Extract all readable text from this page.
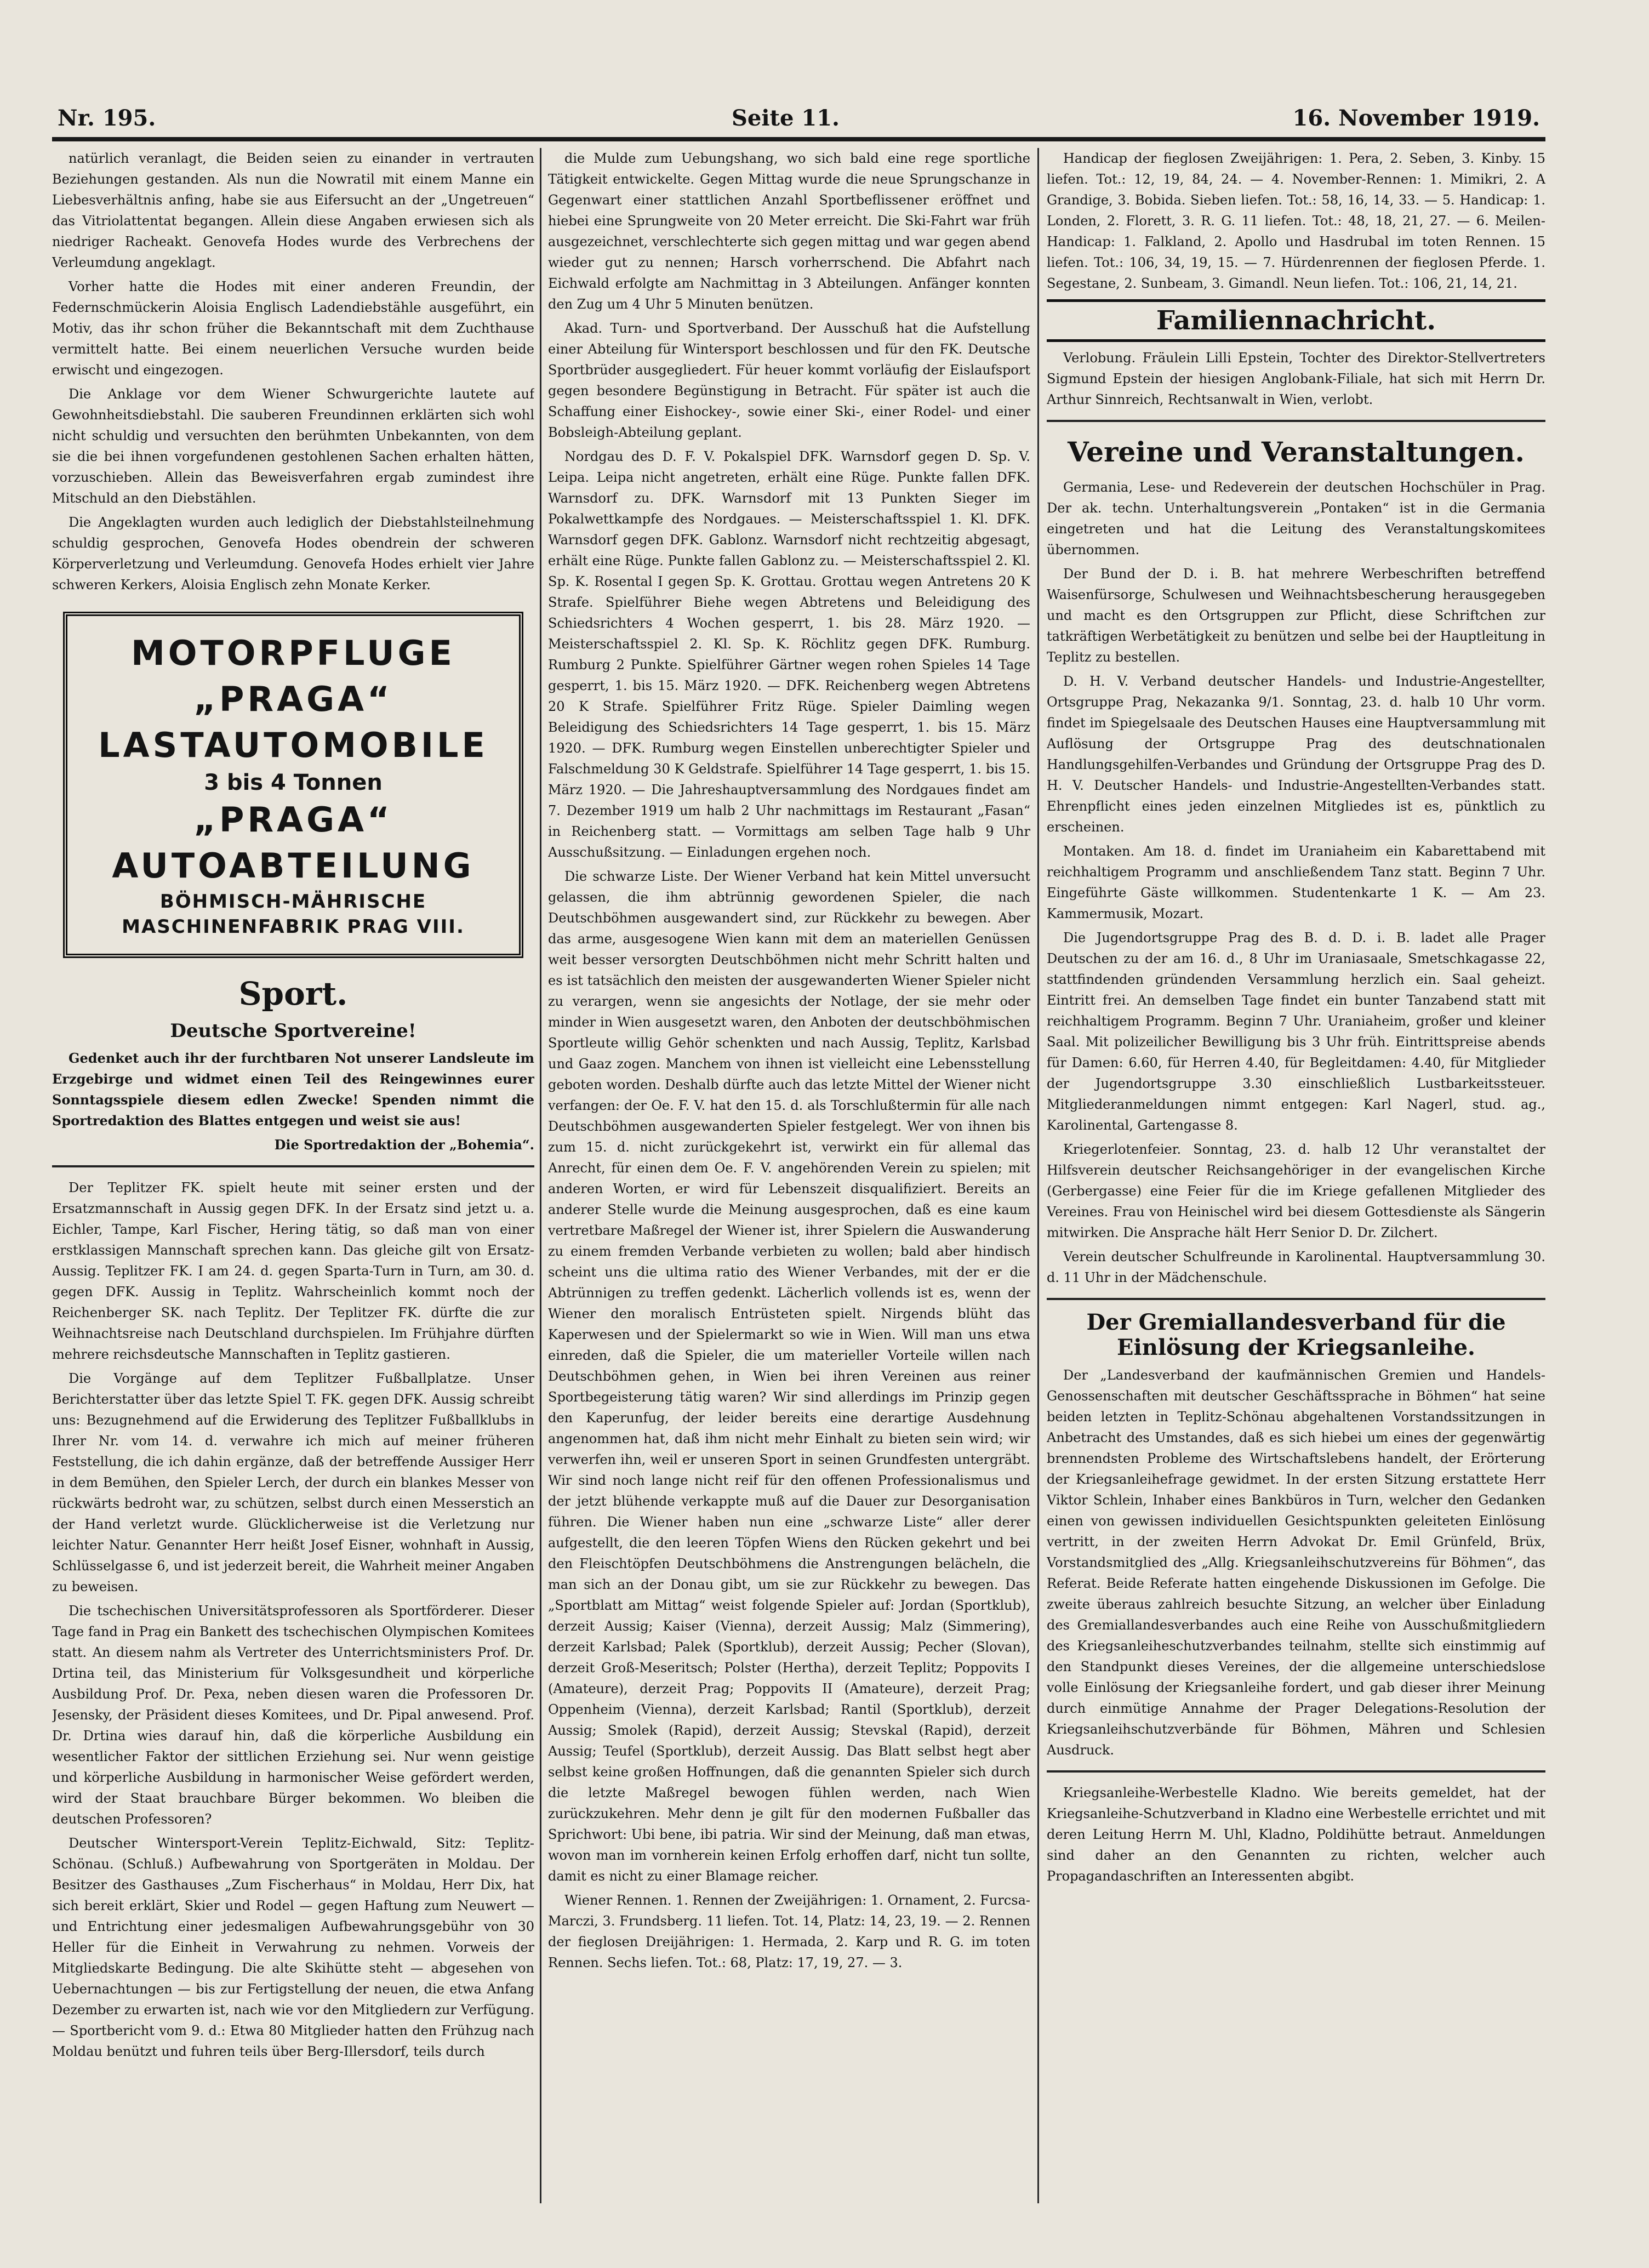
Nr. 195.	Seite 11.	16. November 1919.

natürlich veranlagt, die Beiden seien zu einander in vertrauten Beziehungen gestanden. Als nun die Nowratil mit einem Manne ein Liebesverhältnis anfing, habe sie aus Eifersucht an der „Ungetreuen“ das Vitriolattentat begangen. Allein diese Angaben erwiesen sich als niedriger Racheakt. Genovefa Hodes wurde des Verbrechens der Verleumdung angeklagt.

Vorher hatte die Hodes mit einer anderen Freundin, der Federnschmückerin Aloisia Englisch Ladendiebstähle ausgeführt, ein Motiv, das ihr schon früher die Bekanntschaft mit dem Zuchthause vermittelt hatte. Bei einem neuerlichen Versuche wurden beide erwischt und eingezogen.

Die Anklage vor dem Wiener Schwurgerichte lautete auf Gewohnheitsdiebstahl. Die sauberen Freundinnen erklärten sich wohl nicht schuldig und versuchten den berühmten Unbekannten, von dem sie die bei ihnen vorgefundenen gestohlenen Sachen erhalten hätten, vorzuschieben. Allein das Beweisverfahren ergab zumindest ihre Mitschuld an den Diebstählen.

Die Angeklagten wurden auch lediglich der Diebstahlsteilnehmung schuldig gesprochen, Genovefa Hodes obendrein der schweren Körperverletzung und Verleumdung. Genovefa Hodes erhielt vier Jahre schweren Kerkers, Aloisia Englisch zehn Monate Kerker.

MOTORPFLUGE
„PRAGA“
LASTAUTOMOBILE
3 bis 4 Tonnen
„PRAGA“
AUTOABTEILUNG
BÖHMISCH-MÄHRISCHE
MASCHINENFABRIK PRAG VIII.
Sport.
Deutsche Sportvereine!

Gedenket auch ihr der furchtbaren Not unserer Landsleute im Erzgebirge und widmet einen Teil des Reingewinnes eurer Sonntagsspiele diesem edlen Zwecke! Spenden nimmt die Sportredaktion des Blattes entgegen und weist sie aus!

Die Sportredaktion der „Bohemia“.

Der Teplitzer FK. spielt heute mit seiner ersten und der Ersatzmannschaft in Aussig gegen DFK. In der Ersatz sind jetzt u. a. Eichler, Tampe, Karl Fischer, Hering tätig, so daß man von einer erstklassigen Mannschaft sprechen kann. Das gleiche gilt von Ersatz-Aussig. Teplitzer FK. I am 24. d. gegen Sparta-Turn in Turn, am 30. d. gegen DFK. Aussig in Teplitz. Wahrscheinlich kommt noch der Reichenberger SK. nach Teplitz. Der Teplitzer FK. dürfte die zur Weihnachtsreise nach Deutschland durchspielen. Im Frühjahre dürften mehrere reichsdeutsche Mannschaften in Teplitz gastieren.

Die Vorgänge auf dem Teplitzer Fußballplatze. Unser Berichterstatter über das letzte Spiel T. FK. gegen DFK. Aussig schreibt uns: Bezugnehmend auf die Erwiderung des Teplitzer Fußballklubs in Ihrer Nr. vom 14. d. verwahre ich mich auf meiner früheren Feststellung, die ich dahin ergänze, daß der betreffende Aussiger Herr in dem Bemühen, den Spieler Lerch, der durch ein blankes Messer von rückwärts bedroht war, zu schützen, selbst durch einen Messerstich an der Hand verletzt wurde. Glücklicherweise ist die Verletzung nur leichter Natur. Genannter Herr heißt Josef Eisner, wohnhaft in Aussig, Schlüsselgasse 6, und ist jederzeit bereit, die Wahrheit meiner Angaben zu beweisen.

Die tschechischen Universitätsprofessoren als Sportförderer. Dieser Tage fand in Prag ein Bankett des tschechischen Olympischen Komitees statt. An diesem nahm als Vertreter des Unterrichtsministers Prof. Dr. Drtina teil, das Ministerium für Volksgesundheit und körperliche Ausbildung Prof. Dr. Pexa, neben diesen waren die Professoren Dr. Jesensky, der Präsident dieses Komitees, und Dr. Pipal anwesend. Prof. Dr. Drtina wies darauf hin, daß die körperliche Ausbildung ein wesentlicher Faktor der sittlichen Erziehung sei. Nur wenn geistige und körperliche Ausbildung in harmonischer Weise gefördert werden, wird der Staat brauchbare Bürger bekommen. Wo bleiben die deutschen Professoren?

Deutscher Wintersport-Verein Teplitz-Eichwald, Sitz: Teplitz-Schönau. (Schluß.) Aufbewahrung von Sportgeräten in Moldau. Der Besitzer des Gasthauses „Zum Fischerhaus“ in Moldau, Herr Dix, hat sich bereit erklärt, Skier und Rodel — gegen Haftung zum Neuwert — und Entrichtung einer jedesmaligen Aufbewahrungsgebühr von 30 Heller für die Einheit in Verwahrung zu nehmen. Vorweis der Mitgliedskarte Bedingung. Die alte Skihütte steht — abgesehen von Uebernachtungen — bis zur Fertigstellung der neuen, die etwa Anfang Dezember zu erwarten ist, nach wie vor den Mitgliedern zur Verfügung. — Sportbericht vom 9. d.: Etwa 80 Mitglieder hatten den Frühzug nach Moldau benützt und fuhren teils über Berg-Illersdorf, teils durch

die Mulde zum Uebungshang, wo sich bald eine rege sportliche Tätigkeit entwickelte. Gegen Mittag wurde die neue Sprungschanze in Gegenwart einer stattlichen Anzahl Sportbeflissener eröffnet und hiebei eine Sprungweite von 20 Meter erreicht. Die Ski-Fahrt war früh ausgezeichnet, verschlechterte sich gegen mittag und war gegen abend wieder gut zu nennen; Harsch vorherrschend. Die Abfahrt nach Eichwald erfolgte am Nachmittag in 3 Abteilungen. Anfänger konnten den Zug um 4 Uhr 5 Minuten benützen.

Akad. Turn- und Sportverband. Der Ausschuß hat die Aufstellung einer Abteilung für Wintersport beschlossen und für den FK. Deutsche Sportbrüder ausgegliedert. Für heuer kommt vorläufig der Eislaufsport gegen besondere Begünstigung in Betracht. Für später ist auch die Schaffung einer Eishockey-, sowie einer Ski-, einer Rodel- und einer Bobsleigh-Abteilung geplant.

Nordgau des D. F. V. Pokalspiel DFK. Warnsdorf gegen D. Sp. V. Leipa. Leipa nicht angetreten, erhält eine Rüge. Punkte fallen DFK. Warnsdorf zu. DFK. Warnsdorf mit 13 Punkten Sieger im Pokalwettkampfe des Nordgaues. — Meisterschaftsspiel 1. Kl. DFK. Warnsdorf gegen DFK. Gablonz. Warnsdorf nicht rechtzeitig abgesagt, erhält eine Rüge. Punkte fallen Gablonz zu. — Meisterschaftsspiel 2. Kl. Sp. K. Rosental I gegen Sp. K. Grottau. Grottau wegen Antretens 20 K Strafe. Spielführer Biehe wegen Abtretens und Beleidigung des Schiedsrichters 4 Wochen gesperrt, 1. bis 28. März 1920. — Meisterschaftsspiel 2. Kl. Sp. K. Röchlitz gegen DFK. Rumburg. Rumburg 2 Punkte. Spielführer Gärtner wegen rohen Spieles 14 Tage gesperrt, 1. bis 15. März 1920. — DFK. Reichenberg wegen Abtretens 20 K Strafe. Spielführer Fritz Rüge. Spieler Daimling wegen Beleidigung des Schiedsrichters 14 Tage gesperrt, 1. bis 15. März 1920. — DFK. Rumburg wegen Einstellen unberechtigter Spieler und Falschmeldung 30 K Geldstrafe. Spielführer 14 Tage gesperrt, 1. bis 15. März 1920. — Die Jahreshauptversammlung des Nordgaues findet am 7. Dezember 1919 um halb 2 Uhr nachmittags im Restaurant „Fasan“ in Reichenberg statt. — Vormittags am selben Tage halb 9 Uhr Ausschußsitzung. — Einladungen ergehen noch.

Die schwarze Liste. Der Wiener Verband hat kein Mittel unversucht gelassen, die ihm abtrünnig gewordenen Spieler, die nach Deutschböhmen ausgewandert sind, zur Rückkehr zu bewegen. Aber das arme, ausgesogene Wien kann mit dem an materiellen Genüssen weit besser versorgten Deutschböhmen nicht mehr Schritt halten und es ist tatsächlich den meisten der ausgewanderten Wiener Spieler nicht zu verargen, wenn sie angesichts der Notlage, der sie mehr oder minder in Wien ausgesetzt waren, den Anboten der deutschböhmischen Sportleute willig Gehör schenkten und nach Aussig, Teplitz, Karlsbad und Gaaz zogen. Manchem von ihnen ist vielleicht eine Lebensstellung geboten worden. Deshalb dürfte auch das letzte Mittel der Wiener nicht verfangen: der Oe. F. V. hat den 15. d. als Torschlußtermin für alle nach Deutschböhmen ausgewanderten Spieler festgelegt. Wer von ihnen bis zum 15. d. nicht zurückgekehrt ist, verwirkt ein für allemal das Anrecht, für einen dem Oe. F. V. angehörenden Verein zu spielen; mit anderen Worten, er wird für Lebenszeit disqualifiziert. Bereits an anderer Stelle wurde die Meinung ausgesprochen, daß es eine kaum vertretbare Maßregel der Wiener ist, ihrer Spielern die Auswanderung zu einem fremden Verbande verbieten zu wollen; bald aber hindisch scheint uns die ultima ratio des Wiener Verbandes, mit der er die Abtrünnigen zu treffen gedenkt. Lächerlich vollends ist es, wenn der Wiener den moralisch Entrüsteten spielt. Nirgends blüht das Kaperwesen und der Spielermarkt so wie in Wien. Will man uns etwa einreden, daß die Spieler, die um materieller Vorteile willen nach Deutschböhmen gehen, in Wien bei ihren Vereinen aus reiner Sportbegeisterung tätig waren? Wir sind allerdings im Prinzip gegen den Kaperunfug, der leider bereits eine derartige Ausdehnung angenommen hat, daß ihm nicht mehr Einhalt zu bieten sein wird; wir verwerfen ihn, weil er unseren Sport in seinen Grundfesten untergräbt. Wir sind noch lange nicht reif für den offenen Professionalismus und der jetzt blühende verkappte muß auf die Dauer zur Desorganisation führen. Die Wiener haben nun eine „schwarze Liste“ aller derer aufgestellt, die den leeren Töpfen Wiens den Rücken gekehrt und bei den Fleischtöpfen Deutschböhmens die Anstrengungen belächeln, die man sich an der Donau gibt, um sie zur Rückkehr zu bewegen. Das „Sportblatt am Mittag“ weist folgende Spieler auf: Jordan (Sportklub), derzeit Aussig; Kaiser (Vienna), derzeit Aussig; Malz (Simmering), derzeit Karlsbad; Palek (Sportklub), derzeit Aussig; Pecher (Slovan), derzeit Groß-Meseritsch; Polster (Hertha), derzeit Teplitz; Poppovits I (Amateure), derzeit Prag; Poppovits II (Amateure), derzeit Prag; Oppenheim (Vienna), derzeit Karlsbad; Rantil (Sportklub), derzeit Aussig; Smolek (Rapid), derzeit Aussig; Stevskal (Rapid), derzeit Aussig; Teufel (Sportklub), derzeit Aussig. Das Blatt selbst hegt aber selbst keine großen Hoffnungen, daß die genannten Spieler sich durch die letzte Maßregel bewogen fühlen werden, nach Wien zurückzukehren. Mehr denn je gilt für den modernen Fußballer das Sprichwort: Ubi bene, ibi patria. Wir sind der Meinung, daß man etwas, wovon man im vornherein keinen Erfolg erhoffen darf, nicht tun sollte, damit es nicht zu einer Blamage reicher.

Wiener Rennen. 1. Rennen der Zweijährigen: 1. Ornament, 2. Furcsa-Marczi, 3. Frundsberg. 11 liefen. Tot. 14, Platz: 14, 23, 19. — 2. Rennen der fieglosen Dreijährigen: 1. Hermada, 2. Karp und R. G. im toten Rennen. Sechs liefen. Tot.: 68, Platz: 17, 19, 27. — 3.

Handicap der fieglosen Zweijährigen: 1. Pera, 2. Seben, 3. Kinby. 15 liefen. Tot.: 12, 19, 84, 24. — 4. November-Rennen: 1. Mimikri, 2. A Grandige, 3. Bobida. Sieben liefen. Tot.: 58, 16, 14, 33. — 5. Handicap: 1. Londen, 2. Florett, 3. R. G. 11 liefen. Tot.: 48, 18, 21, 27. — 6. Meilen-Handicap: 1. Falkland, 2. Apollo und Hasdrubal im toten Rennen. 15 liefen. Tot.: 106, 34, 19, 15. — 7. Hürdenrennen der fieglosen Pferde. 1. Segestane, 2. Sunbeam, 3. Gimandl. Neun liefen. Tot.: 106, 21, 14, 21.

Familiennachricht.

Verlobung. Fräulein Lilli Epstein, Tochter des Direktor-Stellvertreters Sigmund Epstein der hiesigen Anglobank-Filiale, hat sich mit Herrn Dr. Arthur Sinnreich, Rechtsanwalt in Wien, verlobt.

Vereine und Veranstaltungen.

Germania, Lese- und Redeverein der deutschen Hochschüler in Prag. Der ak. techn. Unterhaltungsverein „Pontaken“ ist in die Germania eingetreten und hat die Leitung des Veranstaltungskomitees übernommen.

Der Bund der D. i. B. hat mehrere Werbeschriften betreffend Waisenfürsorge, Schulwesen und Weihnachtsbescherung herausgegeben und macht es den Ortsgruppen zur Pflicht, diese Schriftchen zur tatkräftigen Werbetätigkeit zu benützen und selbe bei der Hauptleitung in Teplitz zu bestellen.

D. H. V. Verband deutscher Handels- und Industrie-Angestellter, Ortsgruppe Prag, Nekazanka 9/1. Sonntag, 23. d. halb 10 Uhr vorm. findet im Spiegelsaale des Deutschen Hauses eine Hauptversammlung mit Auflösung der Ortsgruppe Prag des deutschnationalen Handlungsgehilfen-Verbandes und Gründung der Ortsgruppe Prag des D. H. V. Deutscher Handels- und Industrie-Angestellten-Verbandes statt. Ehrenpflicht eines jeden einzelnen Mitgliedes ist es, pünktlich zu erscheinen.

Montaken. Am 18. d. findet im Uraniaheim ein Kabarettabend mit reichhaltigem Programm und anschließendem Tanz statt. Beginn 7 Uhr. Eingeführte Gäste willkommen. Studentenkarte 1 K. — Am 23. Kammermusik, Mozart.

Die Jugendortsgruppe Prag des B. d. D. i. B. ladet alle Prager Deutschen zu der am 16. d., 8 Uhr im Uraniasaale, Smetschkagasse 22, stattfindenden gründenden Versammlung herzlich ein. Saal geheizt. Eintritt frei. An demselben Tage findet ein bunter Tanzabend statt mit reichhaltigem Programm. Beginn 7 Uhr. Uraniaheim, großer und kleiner Saal. Mit polizeilicher Bewilligung bis 3 Uhr früh. Eintrittspreise abends für Damen: 6.60, für Herren 4.40, für Begleitdamen: 4.40, für Mitglieder der Jugendortsgruppe 3.30 einschließlich Lustbarkeitssteuer. Mitgliederanmeldungen nimmt entgegen: Karl Nagerl, stud. ag., Karolinental, Gartengasse 8.

Kriegerlotenfeier. Sonntag, 23. d. halb 12 Uhr veranstaltet der Hilfsverein deutscher Reichsangehöriger in der evangelischen Kirche (Gerbergasse) eine Feier für die im Kriege gefallenen Mitglieder des Vereines. Frau von Heinischel wird bei diesem Gottesdienste als Sängerin mitwirken. Die Ansprache hält Herr Senior D. Dr. Zilchert.

Verein deutscher Schulfreunde in Karolinental. Hauptversammlung 30. d. 11 Uhr in der Mädchenschule.

Der Gremiallandesverband für die Einlösung der Kriegsanleihe.

Der „Landesverband der kaufmännischen Gremien und Handels-Genossenschaften mit deutscher Geschäftssprache in Böhmen“ hat seine beiden letzten in Teplitz-Schönau abgehaltenen Vorstandssitzungen in Anbetracht des Umstandes, daß es sich hiebei um eines der gegenwärtig brennendsten Probleme des Wirtschaftslebens handelt, der Erörterung der Kriegsanleihefrage gewidmet. In der ersten Sitzung erstattete Herr Viktor Schlein, Inhaber eines Bankbüros in Turn, welcher den Gedanken einen von gewissen individuellen Gesichtspunkten geleiteten Einlösung vertritt, in der zweiten Herrn Advokat Dr. Emil Grünfeld, Brüx, Vorstandsmitglied des „Allg. Kriegsanleihschutzvereins für Böhmen“, das Referat. Beide Referate hatten eingehende Diskussionen im Gefolge. Die zweite überaus zahlreich besuchte Sitzung, an welcher über Einladung des Gremiallandesverbandes auch eine Reihe von Ausschußmitgliedern des Kriegsanleiheschutzverbandes teilnahm, stellte sich einstimmig auf den Standpunkt dieses Vereines, der die allgemeine unterschiedslose volle Einlösung der Kriegsanleihe fordert, und gab dieser ihrer Meinung durch einmütige Annahme der Prager Delegations-Resolution der Kriegsanleihschutzverbände für Böhmen, Mähren und Schlesien Ausdruck.

Kriegsanleihe-Werbestelle Kladno. Wie bereits gemeldet, hat der Kriegsanleihe-Schutzverband in Kladno eine Werbestelle errichtet und mit deren Leitung Herrn M. Uhl, Kladno, Poldihütte betraut. Anmeldungen sind daher an den Genannten zu richten, welcher auch Propagandaschriften an Interessenten abgibt.
